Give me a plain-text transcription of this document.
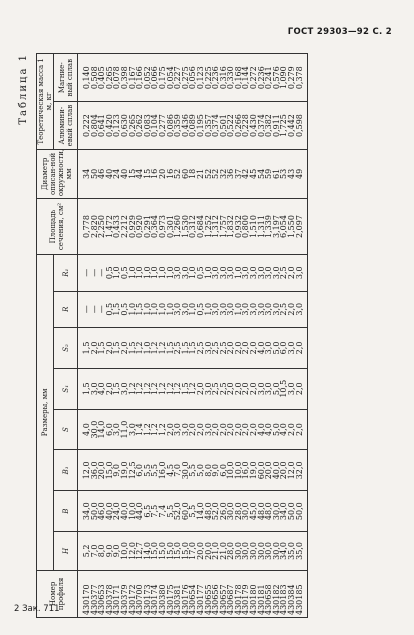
ГОСТ 29303—92 С. 2
Таблица 1
Номер профиля	Размеры, мм								Площадь сечения, см²	Диаметр описан-ной окружности, мм	Теоретическая масса 1 м, кг	
	H	B	B₁	S	S₁	S₂	R	R₁			Алюмини-евый сплав	Магние-вый сплав
430170	5,2	34,0	12,0	4,0	1,5	1,5	—	—	0,778	34	0,222	0,140
430377	7,0	50,0	36,0	30,0	3,0	2,0	—	—	2,820	50	0,804	0,508
430653	8,0	46,0	20,0	14,0	4,0	1,5	—	—	2,250	46	0,641	0,405
430378	9,0	40,0	15,0	6,0	2,0	2,0	0,5	0,5	1,472	40	0,420	0,265
430171	9,0	24,0	9,0	3,0	1,5	1,5	1,5	1,0	0,433	24	0,123	0,078
430379	10,0	40,0	19,0	11,0	3,0	2,0	0,5	0,5	2,212	40	0,630	0,398
430172	12,0	10,0	12,5	3,0	1,2	1,5	1,0	1,0	0,929	15	0,265	0,167
430700	12,7	44,0	6,0	1,4	1,2	1,2	1,5	1,0	0,920	44	0,262	0,166
430173	14,0	6,5	5,5	1,2	1,2	1,0	1,0	1,0	0,291	15	0,083	0,052
430174	15,0	7,5	5,5	1,2	1,2	1,2	1,0	1,0	0,364	16	0,104	0,066
430380	15,0	7,4	16,0	1,2	1,2	1,2	1,0	1,0	0,973	20	0,277	0,175
430175	15,0	5,5	4,5	2,0	1,2	1,5	1,0	1,0	0,301	16	0,086	0,054
430381	15,0	52,0	7,0	3,0	1,2	2,5	3,0	3,0	1,260	52	0,359	0,227
430176	15,0	60,0	30,0	3,0	1,5	1,5	3,0	3,0	1,530	60	0,436	0,275
430654	17,0	5,5	5,5	2,0	1,2	1,5	1,0	1,0	0,312	18	0,089	0,056
430177	20,0	14,0	5,0	2,0	2,0	2,5	0,5	0,5	0,684	21	0,195	0,123
430655	20,0	48,0	8,0	3,0	3,0	3,0	1,0	1,0	1,252	52	0,357	0,225
430656	21,0	52,0	9,0	2,0	2,5	2,5	3,0	3,0	1,312	52	0,374	0,236
430657	21,0	26,0	6,0	2,0	2,5	2,5	3,0	3,0	1,757	32	0,501	0,316
430687	28,0	30,0	10,0	2,0	2,0	2,0	3,0	3,0	1,832	36	0,522	0,330
430178	30,0	28,0	10,0	2,0	2,0	2,0	1,0	1,0	0,932	37	0,266	0,168
430179	30,0	30,0	16,0	2,0	2,0	2,0	3,0	3,0	0,800	42	0,228	0,144
430180	30,0	45,0	19,0	2,0	2,0	2,0	3,0	3,0	1,510	45	0,430	0,272
430181	30,0	48,0	60,0	4,0	3,0	4,0	3,0	3,0	1,311	54	0,374	0,236
430658	30,0	48,0	20,0	4,0	3,0	3,0	3,0	3,0	1,339	59	0,382	0,241
430182	30,0	30,0	40,0	5,0	5,0	5,0	3,0	3,0	3,197	61	0,911	0,576
430183	34,0	34,0	20,0	4,0	10,5	6,0	2,5	2,5	6,054	53	1,725	1,090
430384	35,0	50,0	12,0	2,0	3,0	3,0	2,0	2,0	1,550	43	0,442	0,279
430185	35,0	50,0	32,0	2,0	2,0	2,0	3,0	3,0	2,097	49	0,598	0,378
2 Зак. 711
